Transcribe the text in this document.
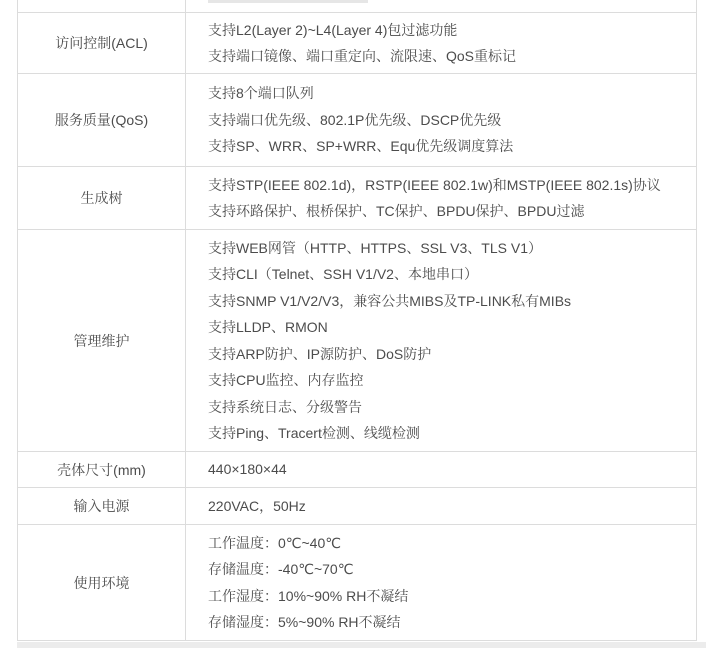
访问控制(ACL)
支持L2(Layer 2)~L4(Layer 4)包过滤功能
支持端口镜像、端口重定向、流限速、QoS重标记
服务质量(QoS)
支持8个端口队列
支持端口优先级、802.1P优先级、DSCP优先级
支持SP、WRR、SP+WRR、Equ优先级调度算法
生成树
支持STP(IEEE 802.1d)，RSTP(IEEE 802.1w)和MSTP(IEEE 802.1s)协议
支持环路保护、根桥保护、TC保护、BPDU保护、BPDU过滤
管理维护
支持WEB网管（HTTP、HTTPS、SSL V3、TLS V1）
支持CLI（Telnet、SSH V1/V2、本地串口）
支持SNMP V1/V2/V3，兼容公共MIBS及TP-LINK私有MIBs
支持LLDP、RMON
支持ARP防护、IP源防护、DoS防护
支持CPU监控、内存监控
支持系统日志、分级警告
支持Ping、Tracert检测、线缆检测
壳体尺寸(mm)	440×180×44
输入电源	220VAC，50Hz
使用环境
工作温度：0℃~40℃
存储温度：-40℃~70℃
工作湿度：10%~90% RH不凝结
存储湿度：5%~90% RH不凝结
